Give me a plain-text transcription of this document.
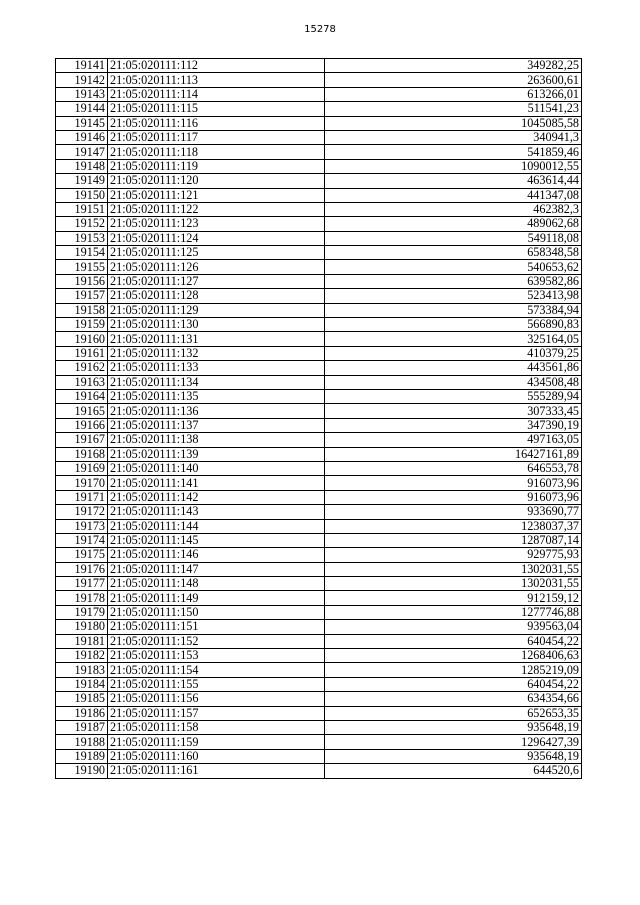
15278
19141	21:05:020111:112	349282,25
19142	21:05:020111:113	263600,61
19143	21:05:020111:114	613266,01
19144	21:05:020111:115	511541,23
19145	21:05:020111:116	1045085,58
19146	21:05:020111:117	340941,3
19147	21:05:020111:118	541859,46
19148	21:05:020111:119	1090012,55
19149	21:05:020111:120	463614,44
19150	21:05:020111:121	441347,08
19151	21:05:020111:122	462382,3
19152	21:05:020111:123	489062,68
19153	21:05:020111:124	549118,08
19154	21:05:020111:125	658348,58
19155	21:05:020111:126	540653,62
19156	21:05:020111:127	639582,86
19157	21:05:020111:128	523413,98
19158	21:05:020111:129	573384,94
19159	21:05:020111:130	566890,83
19160	21:05:020111:131	325164,05
19161	21:05:020111:132	410379,25
19162	21:05:020111:133	443561,86
19163	21:05:020111:134	434508,48
19164	21:05:020111:135	555289,94
19165	21:05:020111:136	307333,45
19166	21:05:020111:137	347390,19
19167	21:05:020111:138	497163,05
19168	21:05:020111:139	16427161,89
19169	21:05:020111:140	646553,78
19170	21:05:020111:141	916073,96
19171	21:05:020111:142	916073,96
19172	21:05:020111:143	933690,77
19173	21:05:020111:144	1238037,37
19174	21:05:020111:145	1287087,14
19175	21:05:020111:146	929775,93
19176	21:05:020111:147	1302031,55
19177	21:05:020111:148	1302031,55
19178	21:05:020111:149	912159,12
19179	21:05:020111:150	1277746,88
19180	21:05:020111:151	939563,04
19181	21:05:020111:152	640454,22
19182	21:05:020111:153	1268406,63
19183	21:05:020111:154	1285219,09
19184	21:05:020111:155	640454,22
19185	21:05:020111:156	634354,66
19186	21:05:020111:157	652653,35
19187	21:05:020111:158	935648,19
19188	21:05:020111:159	1296427,39
19189	21:05:020111:160	935648,19
19190	21:05:020111:161	644520,6
